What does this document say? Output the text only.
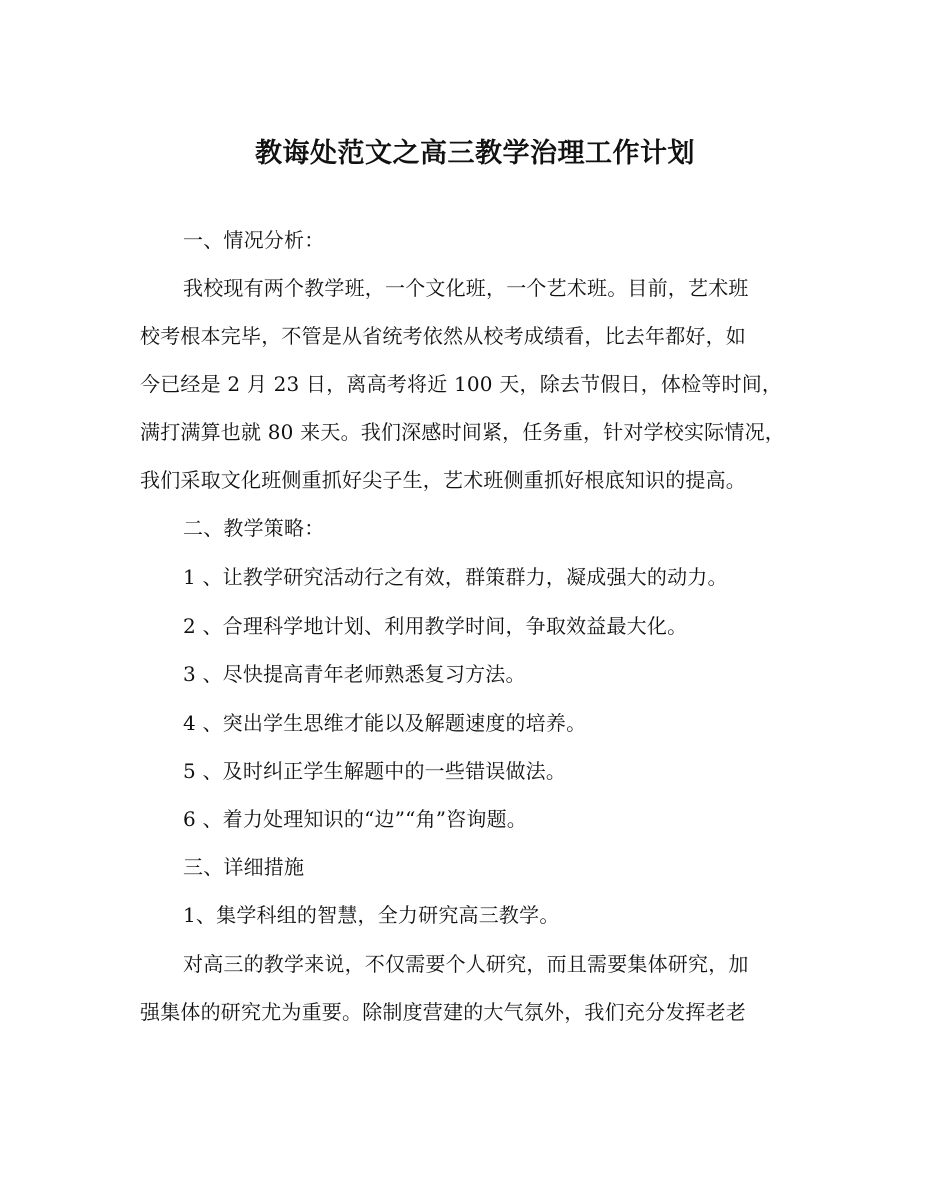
教诲处范文之高三教学治理工作计划
一、情况分析：
我校现有两个教学班，一个文化班，一个艺术班。目前，艺术班
校考根本完毕，不管是从省统考依然从校考成绩看，比去年都好，如
今已经是 2 月 23 日，离高考将近 100 天，除去节假日，体检等时间，
满打满算也就 80 来天。我们深感时间紧，任务重，针对学校实际情况，
我们采取文化班侧重抓好尖子生，艺术班侧重抓好根底知识的提高。
二、教学策略：
1 、让教学研究活动行之有效，群策群力，凝成强大的动力。
2 、合理科学地计划、利用教学时间，争取效益最大化。
3 、尽快提高青年老师熟悉复习方法。
4 、突出学生思维才能以及解题速度的培养。
5 、及时纠正学生解题中的一些错误做法。
6 、着力处理知识的“边”“角”咨询题。
三、详细措施
1、集学科组的智慧，全力研究高三教学。
对高三的教学来说，不仅需要个人研究，而且需要集体研究，加
强集体的研究尤为重要。除制度营建的大气氛外，我们充分发挥老老
